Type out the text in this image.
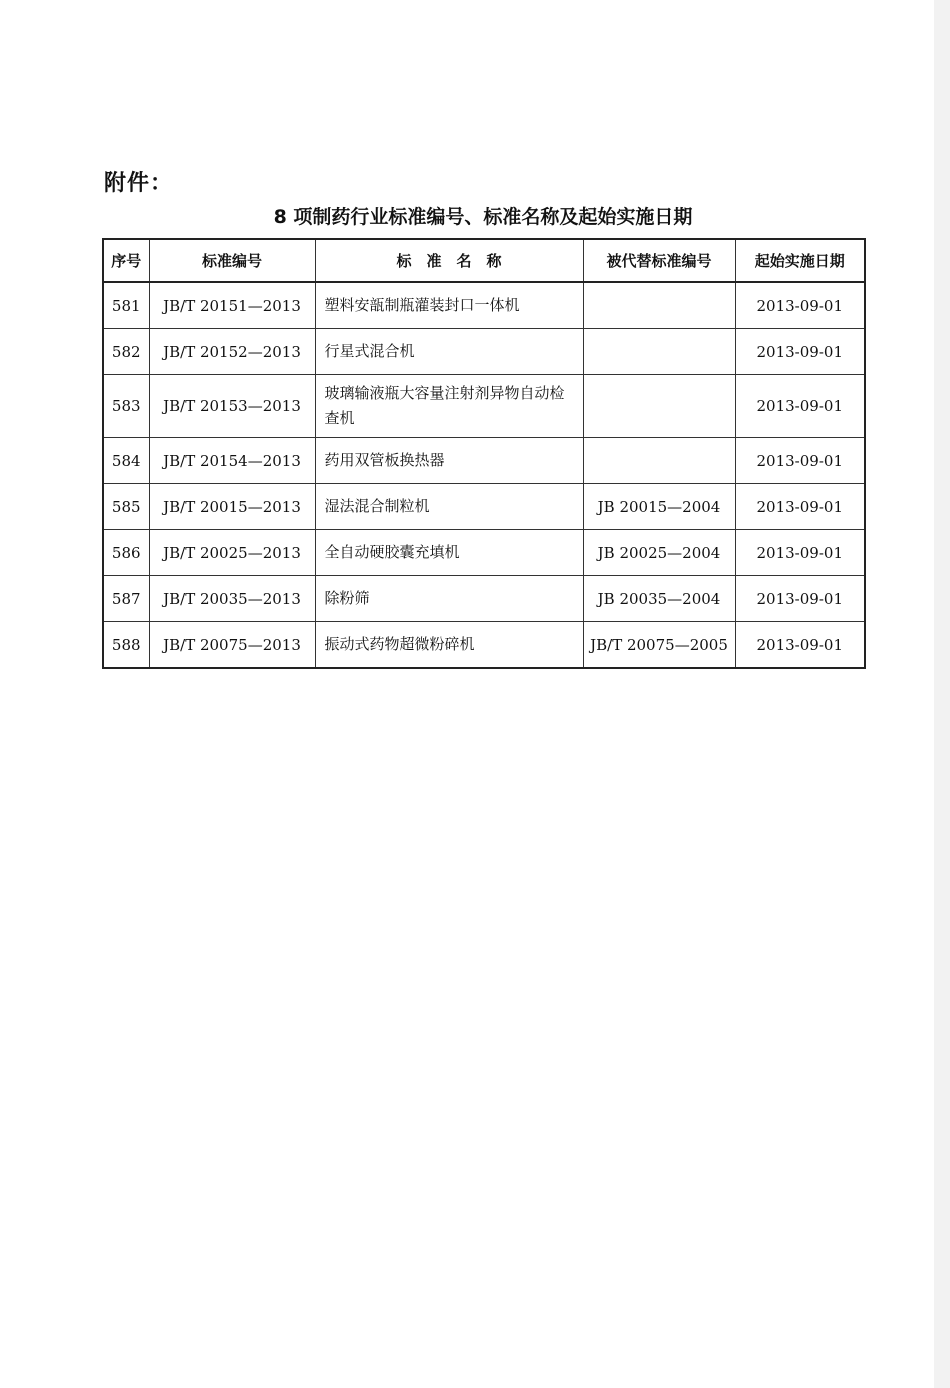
附件：
8 项制药行业标准编号、标准名称及起始实施日期
序号	标准编号	标　准　名　称	被代替标准编号	起始实施日期
581	JB/T 20151—2013	塑料安瓿制瓶灌装封口一体机		2013-09-01
582	JB/T 20152—2013	行星式混合机		2013-09-01
583	JB/T 20153—2013	玻璃输液瓶大容量注射剂异物自动检查机		2013-09-01
584	JB/T 20154—2013	药用双管板换热器		2013-09-01
585	JB/T 20015—2013	湿法混合制粒机	JB 20015—2004	2013-09-01
586	JB/T 20025—2013	全自动硬胶囊充填机	JB 20025—2004	2013-09-01
587	JB/T 20035—2013	除粉筛	JB 20035—2004	2013-09-01
588	JB/T 20075—2013	振动式药物超微粉碎机	JB/T 20075—2005	2013-09-01
